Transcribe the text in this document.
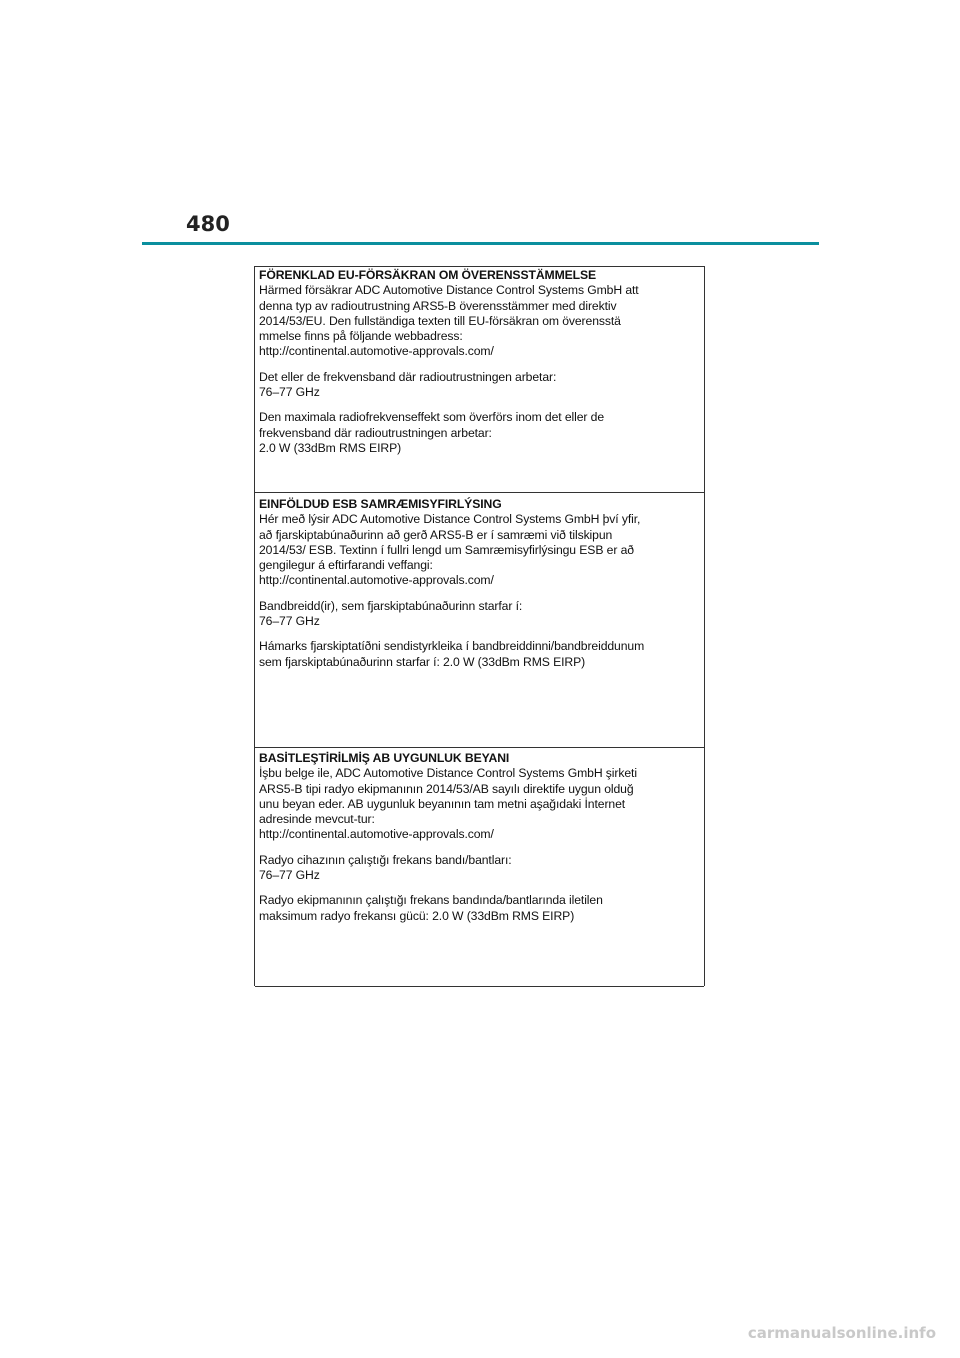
480
FÖRENKLAD EU-FÖRSÄKRAN OM ÖVERENSSTÄMMELSE
Härmed försäkrar ADC Automotive Distance Control Systems GmbH att
denna typ av radioutrustning ARS5-B överensstämmer med direktiv
2014/53/EU. Den fullständiga texten till EU-försäkran om överensstä
mmelse finns på följande webbadress:
http://continental.automotive-approvals.com/
Det eller de frekvensband där radioutrustningen arbetar:
76–77 GHz
Den maximala radiofrekvenseffekt som överförs inom det eller de
frekvensband där radioutrustningen arbetar:
2.0 W (33dBm RMS EIRP)
EINFÖLDUÐ ESB SAMRÆMISYFIRLÝSING
Hér með lýsir ADC Automotive Distance Control Systems GmbH því yfir,
að fjarskiptabúnaðurinn að gerð ARS5-B er í samræmi við tilskipun
2014/53/ ESB. Textinn í fullri lengd um Samræmisyfirlýsingu ESB er að
gengilegur á eftirfarandi veffangi:
http://continental.automotive-approvals.com/
Bandbreidd(ir), sem fjarskiptabúnaðurinn starfar í:
76–77 GHz
Hámarks fjarskiptatíðni sendistyrkleika í bandbreiddinni/bandbreiddunum
sem fjarskiptabúnaðurinn starfar í: 2.0 W (33dBm RMS EIRP)
BASİTLEŞTİRİLMİŞ AB UYGUNLUK BEYANI
İşbu belge ile, ADC Automotive Distance Control Systems GmbH şirketi
ARS5-B tipi radyo ekipmanının 2014/53/AB sayılı direktife uygun olduğ
unu beyan eder. AB uygunluk beyanının tam metni aşağıdaki İnternet
adresinde mevcut-tur:
http://continental.automotive-approvals.com/
Radyo cihazının çalıştığı frekans bandı/bantları:
76–77 GHz
Radyo ekipmanının çalıştığı frekans bandında/bantlarında iletilen
maksimum radyo frekansı gücü: 2.0 W (33dBm RMS EIRP)
carmanualsonline.info
